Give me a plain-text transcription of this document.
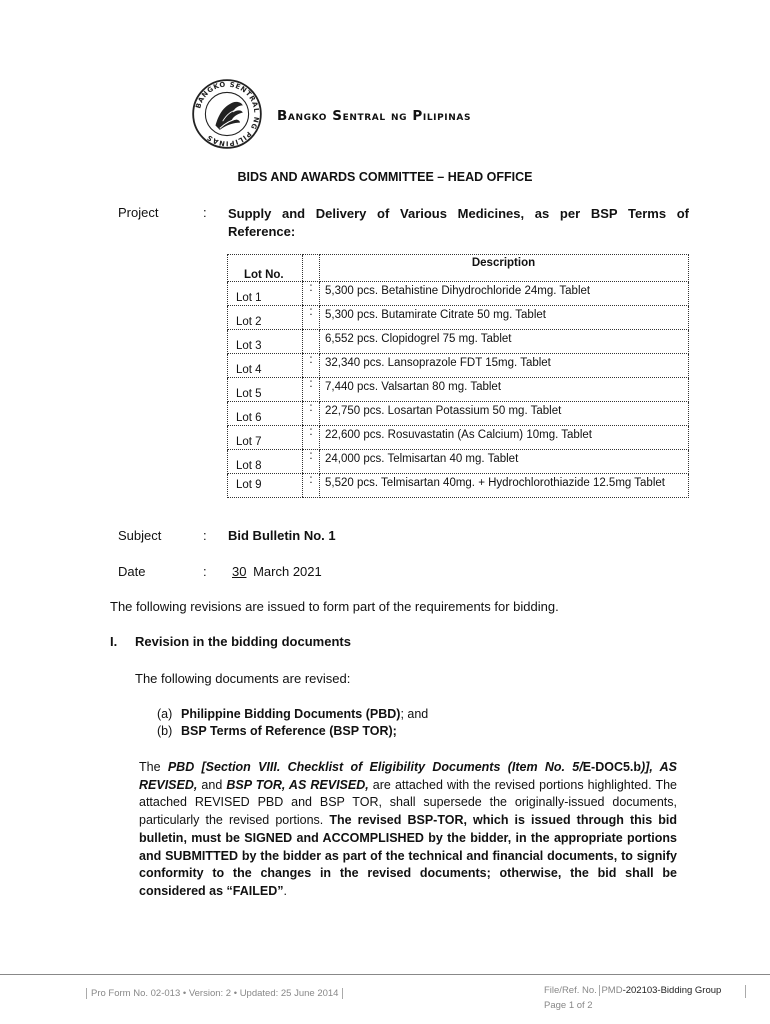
BANGKO SENTRAL NG PILIPINAS
Bangko Sentral ng Pilipinas
BIDS AND AWARDS COMMITTEE – HEAD OFFICE
Project	: Supply and Delivery of Various Medicines, as per BSP Terms of Reference:
Lot No.		Description
Lot 1	:	5,300 pcs. Betahistine Dihydrochloride 24mg. Tablet
Lot 2	:	5,300 pcs. Butamirate Citrate 50 mg. Tablet
Lot 3		6,552 pcs. Clopidogrel 75 mg. Tablet
Lot 4	:	32,340 pcs. Lansoprazole FDT 15mg. Tablet
Lot 5	:	7,440 pcs. Valsartan 80 mg. Tablet
Lot 6	:	22,750 pcs. Losartan Potassium 50 mg. Tablet
Lot 7	:	22,600 pcs. Rosuvastatin (As Calcium) 10mg. Tablet
Lot 8	:	24,000 pcs. Telmisartan 40 mg. Tablet
Lot 9	:	5,520 pcs. Telmisartan 40mg. + Hydrochlorothiazide 12.5mg Tablet
Subject	: Bid Bulletin No. 1
Date	:	30 March 2021
The following revisions are issued to form part of the requirements for bidding.
I. Revision in the bidding documents
The following documents are revised:
(a) Philippine Bidding Documents (PBD); and
(b) BSP Terms of Reference (BSP TOR);
The PBD [Section VIII. Checklist of Eligibility Documents (Item No. 5/E-DOC5.b)], AS REVISED, and BSP TOR, AS REVISED, are attached with the revised portions highlighted. The attached REVISED PBD and BSP TOR, shall supersede the originally-issued documents, particularly the revised portions. The revised BSP-TOR, which is issued through this bid bulletin, must be SIGNED and ACCOMPLISHED by the bidder, in the appropriate portions and SUBMITTED by the bidder as part of the technical and financial documents, to signify conformity to the changes in the revised documents; otherwise, the bid shall be considered as “FAILED”.
Pro Form No. 02-013 • Version: 2 • Updated: 25 June 2014	File/Ref. No. PMD-202103-Bidding Group
Page 1 of 2
